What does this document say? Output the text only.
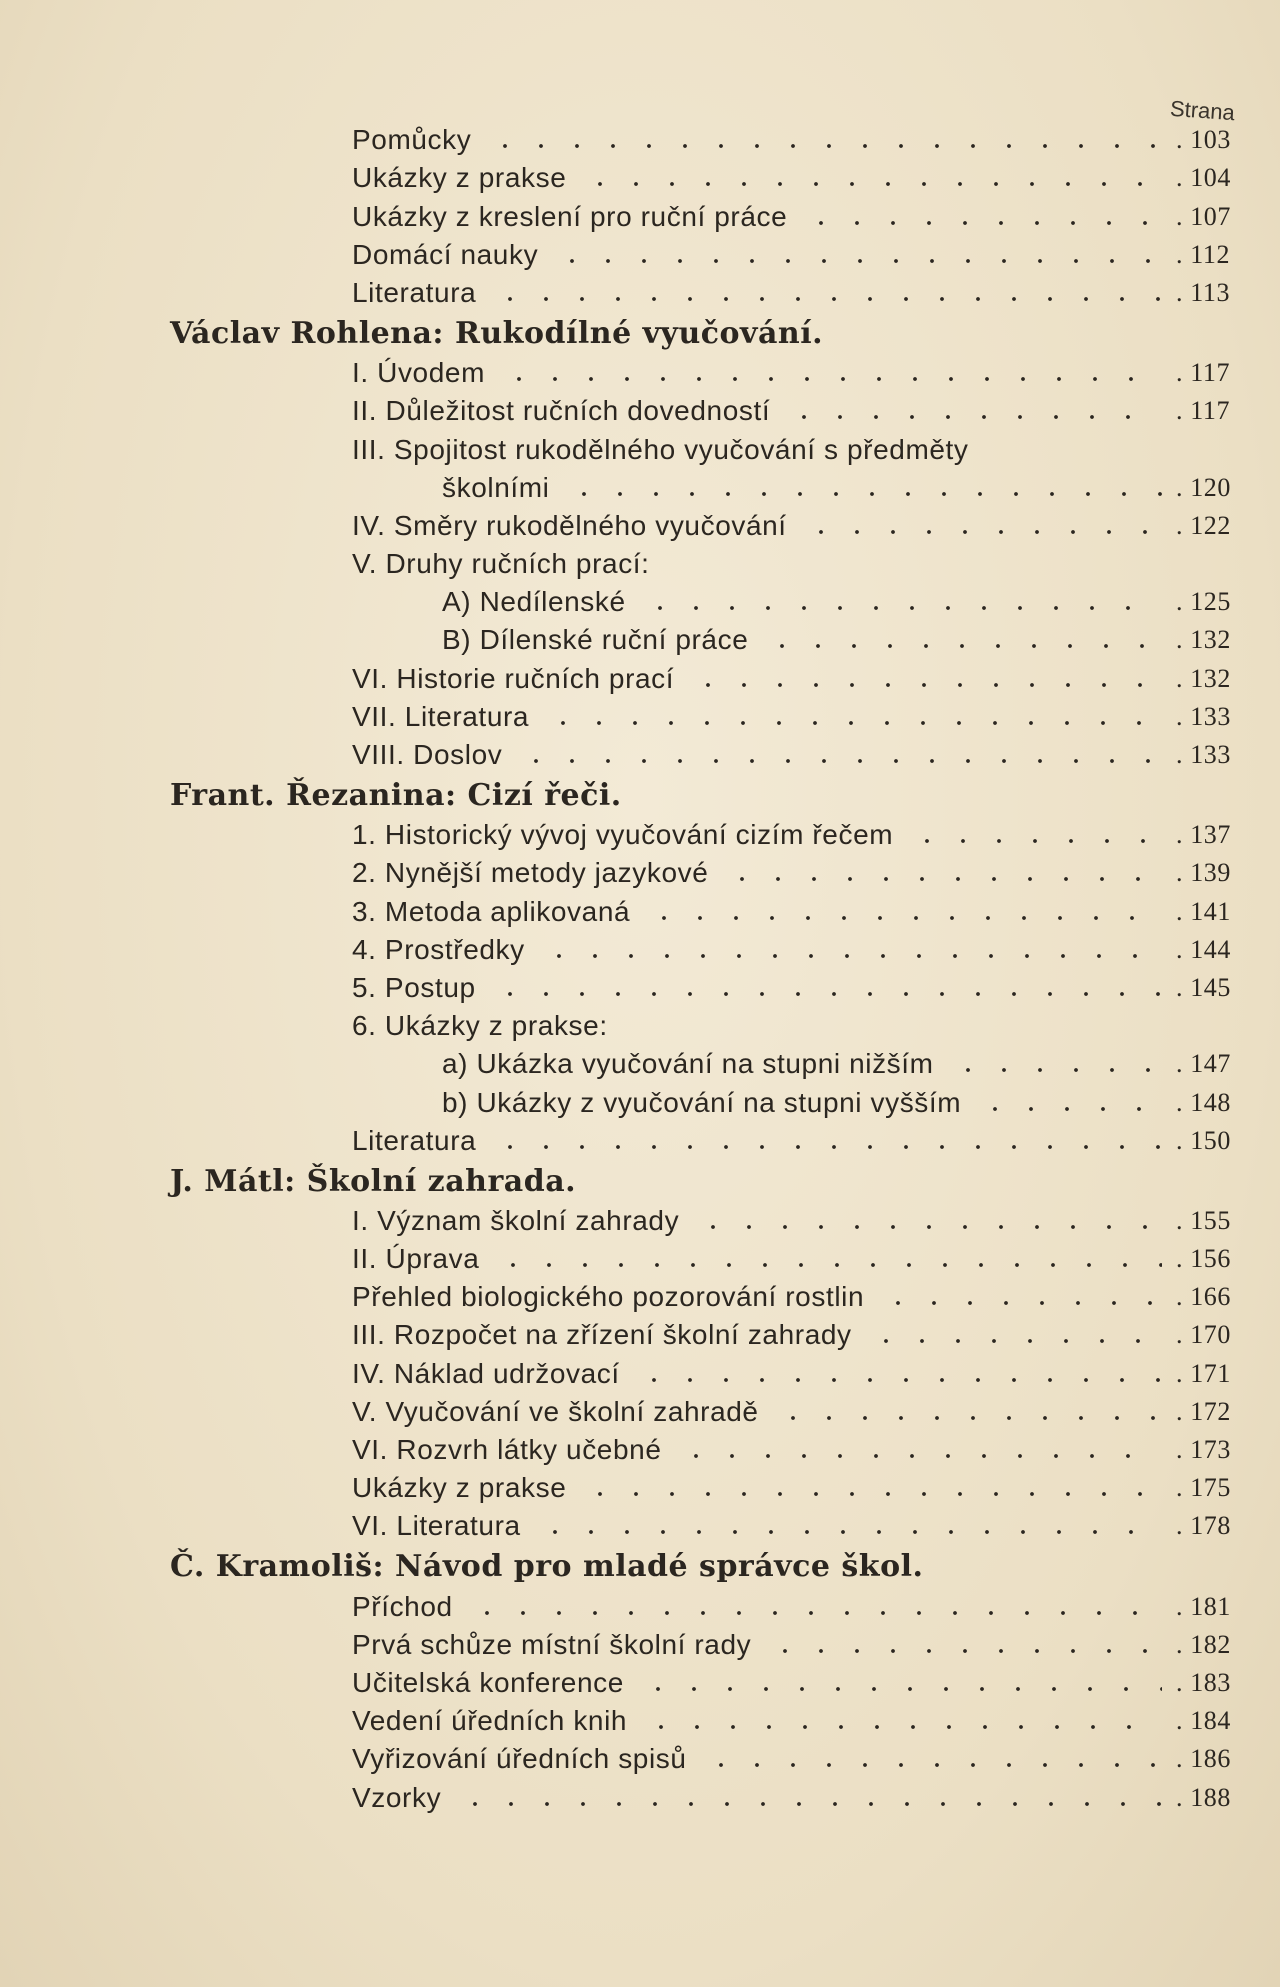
Strana
Pomůcky	. 103
Ukázky z prakse	. 104
Ukázky z kreslení pro ruční práce	. 107
Domácí nauky	. 112
Literatura	. 113
Václav Rohlena: Rukodílné vyučování.
I. Úvodem	. 117
II. Důležitost ručních dovedností	. 117
III. Spojitost rukodělného vyučování s předměty
školními	. 120
IV. Směry rukodělného vyučování	. 122
V. Druhy ručních prací:
A) Nedílenské	. 125
B) Dílenské ruční práce	. 132
VI. Historie ručních prací	. 132
VII. Literatura	. 133
VIII. Doslov	. 133
Frant. Řezanina: Cizí řeči.
1. Historický vývoj vyučování cizím řečem	. 137
2. Nynější metody jazykové	. 139
3. Metoda aplikovaná	. 141
4. Prostředky	. 144
5. Postup	. 145
6. Ukázky z prakse:
a) Ukázka vyučování na stupni nižším	. 147
b) Ukázky z vyučování na stupni vyšším	. 148
Literatura	. 150
J. Mátl: Školní zahrada.
I. Význam školní zahrady	. 155
II. Úprava	. 156
Přehled biologického pozorování rostlin	. 166
III. Rozpočet na zřízení školní zahrady	. 170
IV. Náklad udržovací	. 171
V. Vyučování ve školní zahradě	. 172
VI. Rozvrh látky učebné	. 173
Ukázky z prakse	. 175
VI. Literatura	. 178
Č. Kramoliš: Návod pro mladé správce škol.
Příchod	. 181
Prvá schůze místní školní rady	. 182
Učitelská konference	. 183
Vedení úředních knih	. 184
Vyřizování úředních spisů	. 186
Vzorky	. 188
